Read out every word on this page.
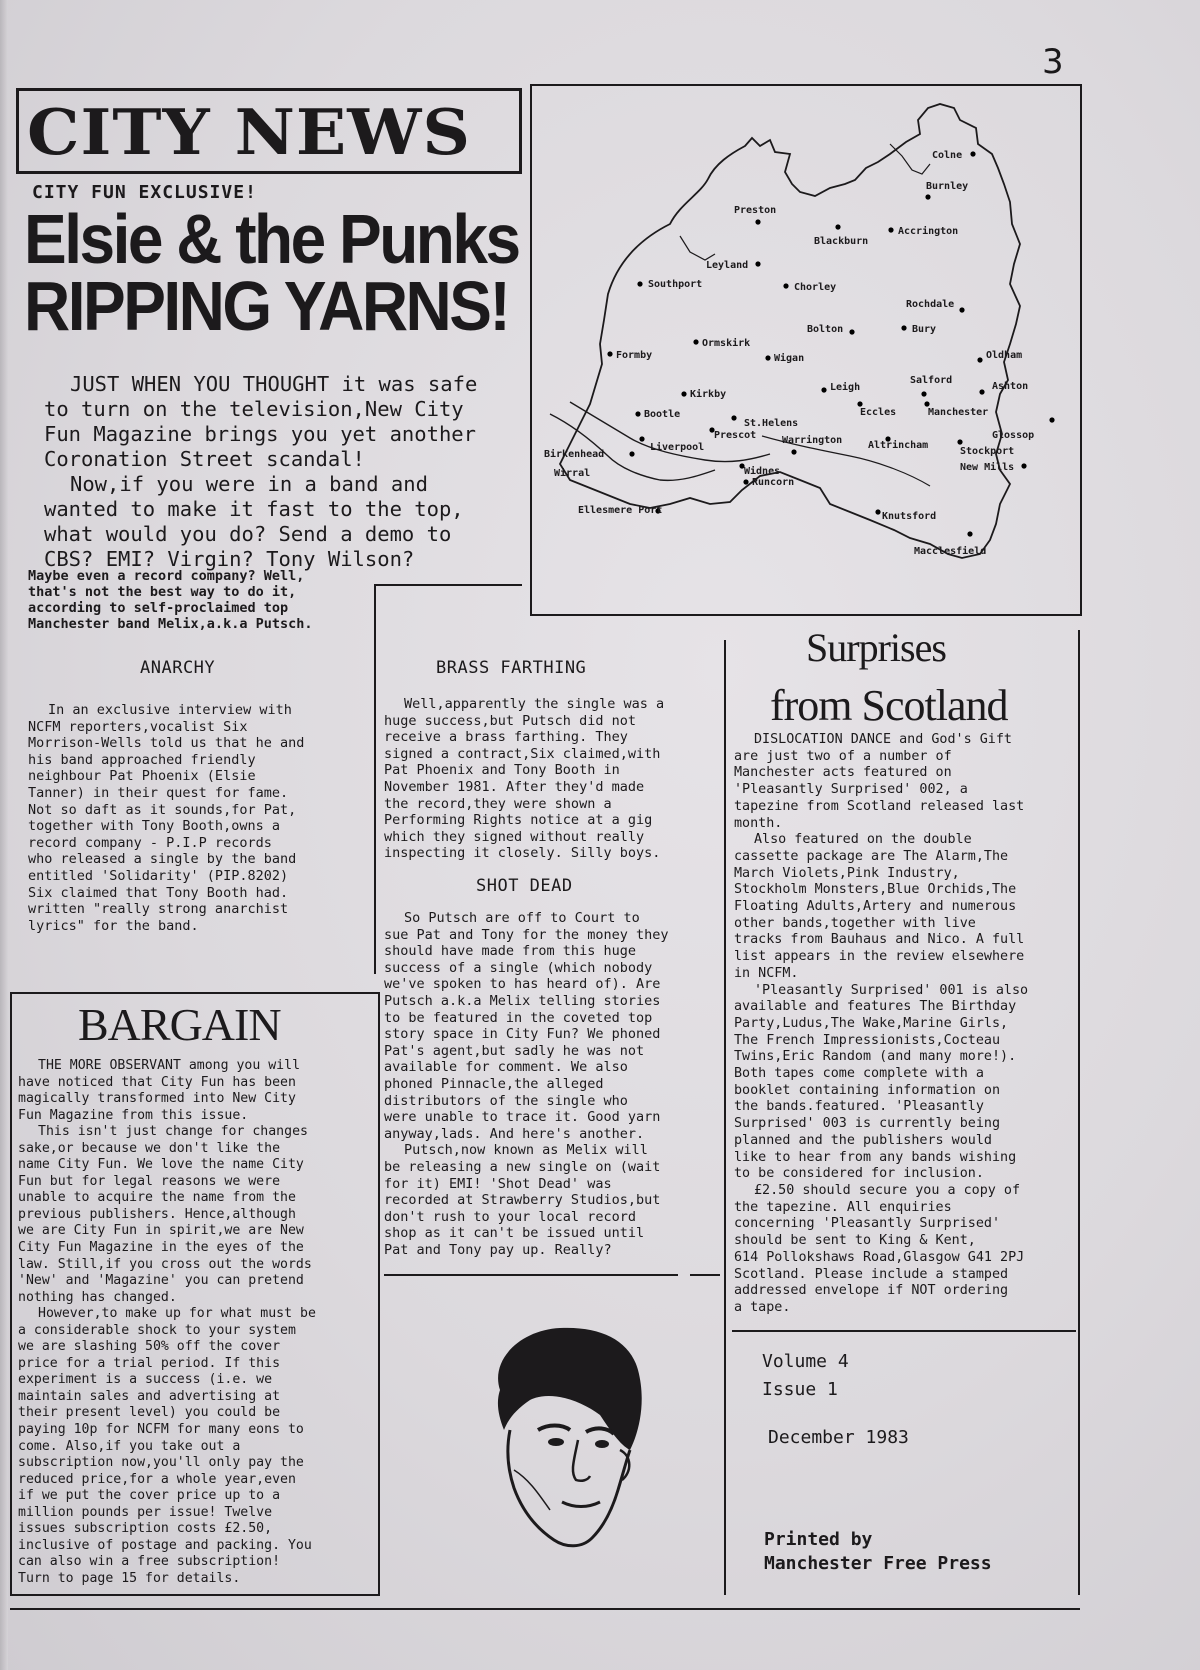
3
CITY NEWS
CITY FUN EXCLUSIVE!
Elsie & the Punks
RIPPING YARNS!
JUST WHEN YOU THOUGHT it was safe
to turn on the television,New City
Fun Magazine brings you yet another
Coronation Street scandal!
Now,if you were in a band and
wanted to make it fast to the top,
what would you do? Send a demo to
CBS? EMI? Virgin? Tony Wilson?
Maybe even a record company? Well,
that's not the best way to do it,
according to self-proclaimed top
Manchester band Melix,a.k.a Putsch.
Colne
Burnley
Preston
Accrington
Blackburn
Leyland
Southport	Chorley
Rochdale
Bolton	Bury
Ormskirk
Formby	Wigan	Oldham
Kirkby
Leigh
Salford
Ashton
Bootle
St.Helens
Eccles	Manchester
Prescot	Glossop
Liverpool
Warrington	Altrincham
Stockport
Birkenhead
New Mills
Wirral	Widnes
Runcorn
Ellesmere Port
Knutsford
Macclesfield
ANARCHY
In an exclusive interview with
NCFM reporters,vocalist Six
Morrison-Wells told us that he and
his band approached friendly
neighbour Pat Phoenix (Elsie
Tanner) in their quest for fame.
Not so daft as it sounds,for Pat,
together with Tony Booth,owns a
record company - P.I.P records
who released a single by the band
entitled 'Solidarity' (PIP.8202)
Six claimed that Tony Booth had.
written "really strong anarchist
lyrics" for the band.
BARGAIN
THE MORE OBSERVANT among you will
have noticed that City Fun has been
magically transformed into New City
Fun Magazine from this issue.
This isn't just change for changes
sake,or because we don't like the
name City Fun. We love the name City
Fun but for legal reasons we were
unable to acquire the name from the
previous publishers. Hence,although
we are City Fun in spirit,we are New
City Fun Magazine in the eyes of the
law. Still,if you cross out the words
'New' and 'Magazine' you can pretend
nothing has changed.
However,to make up for what must be
a considerable shock to your system
we are slashing 50% off the cover
price for a trial period. If this
experiment is a success (i.e. we
maintain sales and advertising at
their present level) you could be
paying 10p for NCFM for many eons to
come. Also,if you take out a
subscription now,you'll only pay the
reduced price,for a whole year,even
if we put the cover price up to a
million pounds per issue! Twelve
issues subscription costs £2.50,
inclusive of postage and packing. You
can also win a free subscription!
Turn to page 15 for details.
BRASS FARTHING
Well,apparently the single was a
huge success,but Putsch did not
receive a brass farthing. They
signed a contract,Six claimed,with
Pat Phoenix and Tony Booth in
November 1981. After they'd made
the record,they were shown a
Performing Rights notice at a gig
which they signed without really
inspecting it closely. Silly boys.
SHOT DEAD
So Putsch are off to Court to
sue Pat and Tony for the money they
should have made from this huge
success of a single (which nobody
we've spoken to has heard of). Are
Putsch a.k.a Melix telling stories
to be featured in the coveted top
story space in City Fun? We phoned
Pat's agent,but sadly he was not
available for comment. We also
phoned Pinnacle,the alleged
distributors of the single who
were unable to trace it. Good yarn
anyway,lads. And here's another.
Putsch,now known as Melix will
be releasing a new single on (wait
for it) EMI! 'Shot Dead' was
recorded at Strawberry Studios,but
don't rush to your local record
shop as it can't be issued until
Pat and Tony pay up. Really?
Surprises
from Scotland
DISLOCATION DANCE and God's Gift
are just two of a number of
Manchester acts featured on
'Pleasantly Surprised' 002, a
tapezine from Scotland released last
month.
Also featured on the double
cassette package are The Alarm,The
March Violets,Pink Industry,
Stockholm Monsters,Blue Orchids,The
Floating Adults,Artery and numerous
other bands,together with live
tracks from Bauhaus and Nico. A full
list appears in the review elsewhere
in NCFM.
'Pleasantly Surprised' 001 is also
available and features The Birthday
Party,Ludus,The Wake,Marine Girls,
The French Impressionists,Cocteau
Twins,Eric Random (and many more!).
Both tapes come complete with a
booklet containing information on
the bands.featured. 'Pleasantly
Surprised' 003 is currently being
planned and the publishers would
like to hear from any bands wishing
to be considered for inclusion.
£2.50 should secure you a copy of
the tapezine. All enquiries
concerning 'Pleasantly Surprised'
should be sent to King & Kent,
614 Pollokshaws Road,Glasgow G41 2PJ
Scotland. Please include a stamped
addressed envelope if NOT ordering
a tape.
Volume 4
Issue 1
December 1983
Printed by
Manchester Free Press
